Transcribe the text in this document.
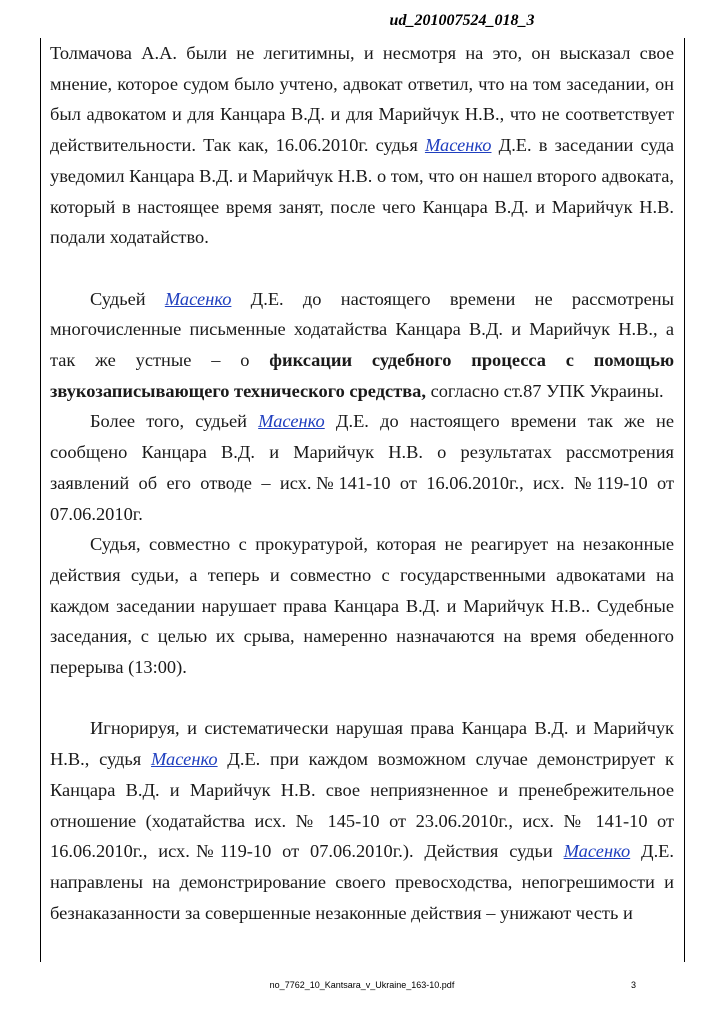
ud_201007524_018_3

Толмачова А.А. были не легитимны, и несмотря на это, он высказал свое мнение, которое судом было учтено, адвокат ответил, что на том заседании, он был адвокатом и для Канцара В.Д. и для Марийчук Н.В., что не соответствует действительности. Так как, 16.06.2010г. судья Масенко Д.Е. в заседании суда уведомил Канцара В.Д. и Марийчук Н.В. о том, что он нашел второго адвоката, который в настоящее время занят, после чего Канцара В.Д. и Марийчук Н.В. подали ходатайство.

Судьей Масенко Д.Е. до настоящего времени не рассмотрены многочисленные письменные ходатайства Канцара В.Д. и Марийчук Н.В., а так же устные – о фиксации судебного процесса с помощью звукозаписывающего технического средства, согласно ст.87 УПК Украины.

Более того, судьей Масенко Д.Е. до настоящего времени так же не сообщено Канцара В.Д. и Марийчук Н.В. о результатах рассмотрения заявлений об его отводе – исх.№141-10 от 16.06.2010г., исх. №119-10 от 07.06.2010г.

Судья, совместно с прокуратурой, которая не реагирует на незаконные действия судьи, а теперь и совместно с государственными адвокатами на каждом заседании нарушает права Канцара В.Д. и Марийчук Н.В.. Судебные заседания, с целью их срыва, намеренно назначаются на время обеденного перерыва (13:00).

Игнорируя, и систематически нарушая права Канцара В.Д. и Марийчук Н.В., судья Масенко Д.Е. при каждом возможном случае демонстрирует к Канцара В.Д. и Марийчук Н.В. свое неприязненное и пренебрежительное отношение (ходатайства исх. № 145-10 от 23.06.2010г., исх. № 141-10 от 16.06.2010г., исх.№119-10 от 07.06.2010г.). Действия судьи Масенко Д.Е. направлены на демонстрирование своего превосходства, непогрешимости и безнаказанности за совершенные незаконные действия – унижают честь и

no_7762_10_Kantsara_v_Ukraine_163-10.pdf	3
